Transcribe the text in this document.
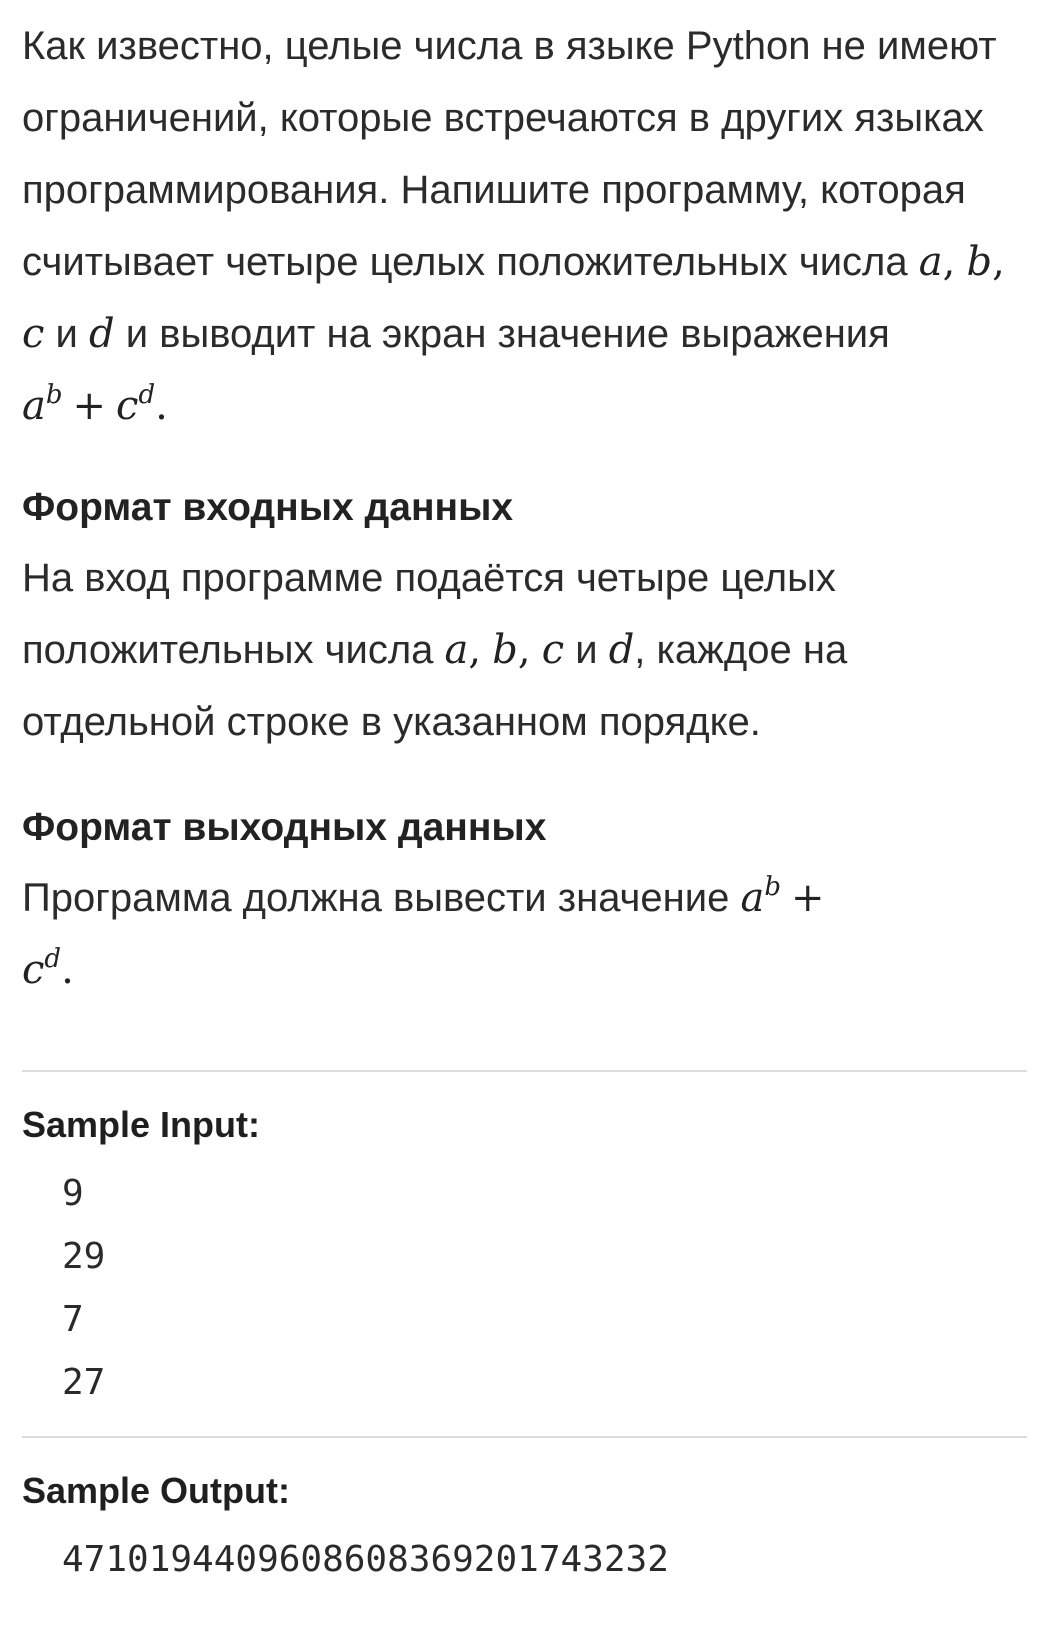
Как известно, целые числа в языке Python не имеют ограничений, которые встречаются в других языках программирования. Напишите программу, которая считывает четыре целых положительных числа a, b, c и d и выводит на экран значение выражения $a^b + c^d$.

Формат входных данных

На вход программе подаётся четыре целых положительных числа a, b, c и d, каждое на отдельной строке в указанном порядке.

Формат выходных данных

Программа должна вывести значение $a^b$ +
$c^d$.

Sample Input:
9
29
7
27
Sample Output:
4710194409608608369201743232
